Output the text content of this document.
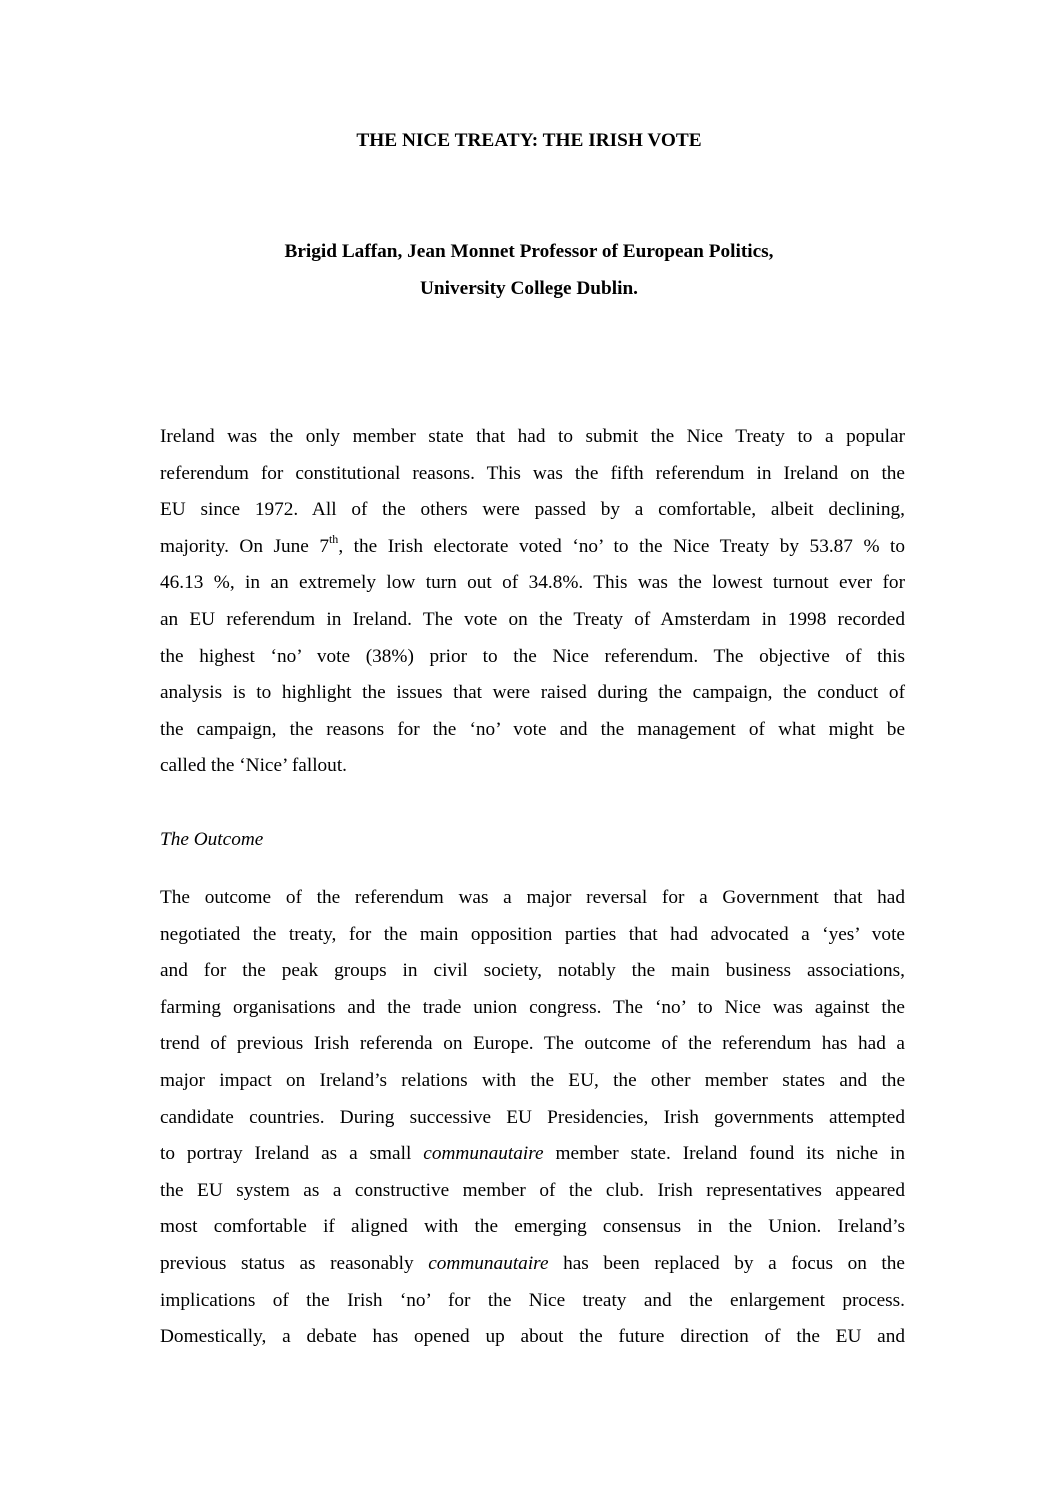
THE NICE TREATY: THE IRISH VOTE
Brigid Laffan, Jean Monnet Professor of European Politics,
University College Dublin.
Ireland was the only member state that had to submit the Nice Treaty to a popular
referendum for constitutional reasons. This was the fifth referendum in Ireland on the
EU since 1972. All of the others were passed by a comfortable, albeit declining,
majority. On June 7th, the Irish electorate voted ‘no’ to the Nice Treaty by 53.87 % to
46.13 %, in an extremely low turn out of 34.8%. This was the lowest turnout ever for
an EU referendum in Ireland. The vote on the Treaty of Amsterdam in 1998 recorded
the highest ‘no’ vote (38%) prior to the Nice referendum. The objective of this
analysis is to highlight the issues that were raised during the campaign, the conduct of
the campaign, the reasons for the ‘no’ vote and the management of what might be
called the ‘Nice’ fallout.
The Outcome
The outcome of the referendum was a major reversal for a Government that had
negotiated the treaty, for the main opposition parties that had advocated a ‘yes’ vote
and for the peak groups in civil society, notably the main business associations,
farming organisations and the trade union congress. The ‘no’ to Nice was against the
trend of previous Irish referenda on Europe. The outcome of the referendum has had a
major impact on Ireland’s relations with the EU, the other member states and the
candidate countries. During successive EU Presidencies, Irish governments attempted
to portray Ireland as a small communautaire member state. Ireland found its niche in
the EU system as a constructive member of the club. Irish representatives appeared
most comfortable if aligned with the emerging consensus in the Union. Ireland’s
previous status as reasonably communautaire has been replaced by a focus on the
implications of the Irish ‘no’ for the Nice treaty and the enlargement process.
Domestically, a debate has opened up about the future direction of the EU and
